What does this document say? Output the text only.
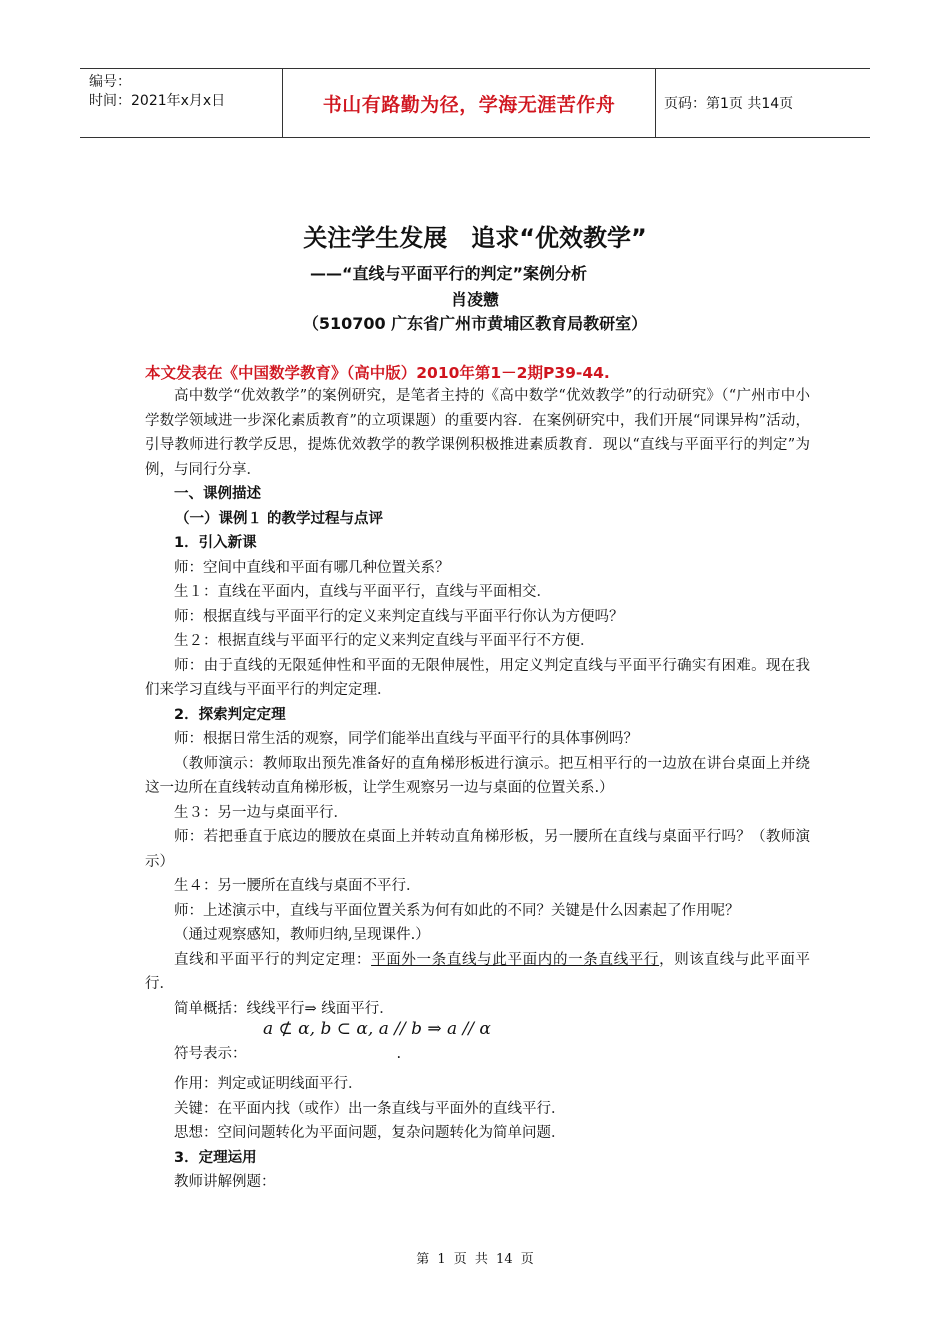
编号：
时间：2021年x月x日	书山有路勤为径，学海无涯苦作舟	页码：第1页 共14页
关注学生发展　追求“优效教学”
——“直线与平面平行的判定”案例分析
肖凌戆
（510700 广东省广州市黄埔区教育局教研室）
本文发表在《中国数学教育》（高中版）2010年第1－2期P39-44.

高中数学“优效教学”的案例研究，是笔者主持的《高中数学“优效教学”的行动研究》（“广州市中小学数学领域进一步深化素质教育”的立项课题）的重要内容．在案例研究中，我们开展“同课异构”活动，引导教师进行教学反思，提炼优效教学的教学课例积极推进素质教育．现以“直线与平面平行的判定”为例，与同行分享．

一、课例描述

（一）课例１ 的教学过程与点评

1．引入新课

师：空间中直线和平面有哪几种位置关系？

生１：直线在平面内，直线与平面平行，直线与平面相交．

师：根据直线与平面平行的定义来判定直线与平面平行你认为方便吗？

生２：根据直线与平面平行的定义来判定直线与平面平行不方便．

师：由于直线的无限延伸性和平面的无限伸展性，用定义判定直线与平面平行确实有困难。现在我们来学习直线与平面平行的判定定理．

2．探索判定定理

师：根据日常生活的观察，同学们能举出直线与平面平行的具体事例吗？

（教师演示：教师取出预先准备好的直角梯形板进行演示。把互相平行的一边放在讲台桌面上并绕这一边所在直线转动直角梯形板，让学生观察另一边与桌面的位置关系.）

生３：另一边与桌面平行．

师：若把垂直于底边的腰放在桌面上并转动直角梯形板，另一腰所在直线与桌面平行吗？（教师演示）

生４：另一腰所在直线与桌面不平行．

师：上述演示中，直线与平面位置关系为何有如此的不同？关键是什么因素起了作用呢？

（通过观察感知，教师归纳,呈现课件.）

直线和平面平行的判定定理：平面外一条直线与此平面内的一条直线平行，则该直线与此平面平行．

简单概括：线线平行⇒ 线面平行．

a ⊄ α, b ⊂ α, a // b ⇒ a // α

符号表示：	.

作用：判定或证明线面平行．

关键：在平面内找（或作）出一条直线与平面外的直线平行．

思想：空间问题转化为平面问题，复杂问题转化为简单问题．

3．定理运用

教师讲解例题：

第 1 页 共 14 页
